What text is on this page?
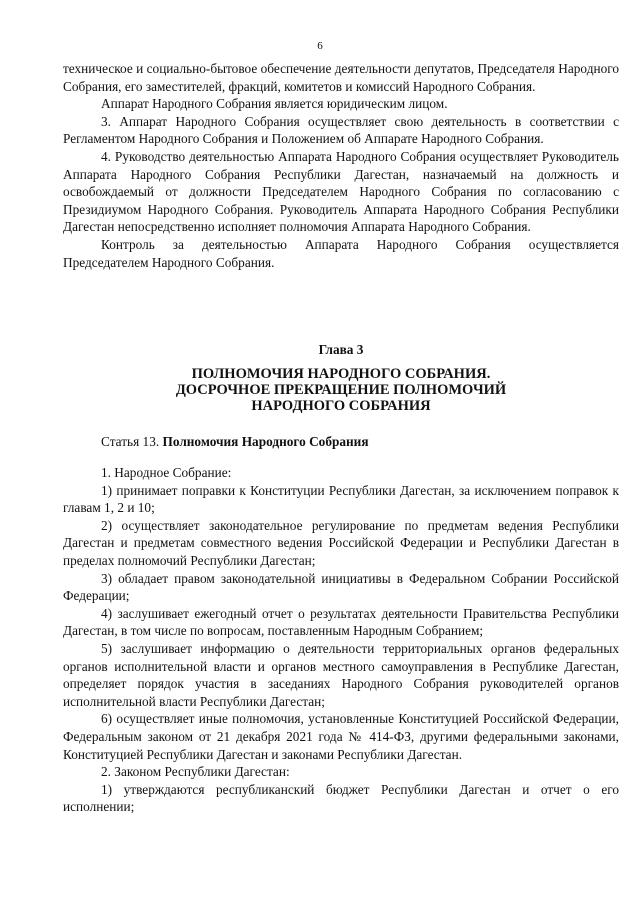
6

техническое и социально-бытовое обеспечение деятельности депутатов, Председателя Народного Собрания, его заместителей, фракций, комитетов и комиссий Народного Собрания.

Аппарат Народного Собрания является юридическим лицом.

3. Аппарат Народного Собрания осуществляет свою деятельность в соответствии с Регламентом Народного Собрания и Положением об Аппарате Народного Собрания.

4. Руководство деятельностью Аппарата Народного Собрания осуществляет Руководитель Аппарата Народного Собрания Республики Дагестан, назначаемый на должность и освобождаемый от должности Председателем Народного Собрания по согласованию с Президиумом Народного Собрания. Руководитель Аппарата Народного Собрания Республики Дагестан непосредственно исполняет полномочия Аппарата Народного Собрания.

Контроль за деятельностью Аппарата Народного Собрания осуществляется Председателем Народного Собрания.

Глава 3
ПОЛНОМОЧИЯ НАРОДНОГО СОБРАНИЯ.
ДОСРОЧНОЕ ПРЕКРАЩЕНИЕ ПОЛНОМОЧИЙ
НАРОДНОГО СОБРАНИЯ
Статья 13. Полномочия Народного Собрания

1. Народное Собрание:

1) принимает поправки к Конституции Республики Дагестан, за исключением поправок к главам 1, 2 и 10;

2) осуществляет законодательное регулирование по предметам ведения Республики Дагестан и предметам совместного ведения Российской Федерации и Республики Дагестан в пределах полномочий Республики Дагестан;

3) обладает правом законодательной инициативы в Федеральном Собрании Российской Федерации;

4) заслушивает ежегодный отчет о результатах деятельности Правительства Республики Дагестан, в том числе по вопросам, поставленным Народным Собранием;

5) заслушивает информацию о деятельности территориальных органов федеральных органов исполнительной власти и органов местного самоуправления в Республике Дагестан, определяет порядок участия в заседаниях Народного Собрания руководителей органов исполнительной власти Республики Дагестан;

6) осуществляет иные полномочия, установленные Конституцией Российской Федерации, Федеральным законом от 21 декабря 2021 года № 414-ФЗ, другими федеральными законами, Конституцией Республики Дагестан и законами Республики Дагестан.

2. Законом Республики Дагестан:

1) утверждаются республиканский бюджет Республики Дагестан и отчет о его исполнении;
